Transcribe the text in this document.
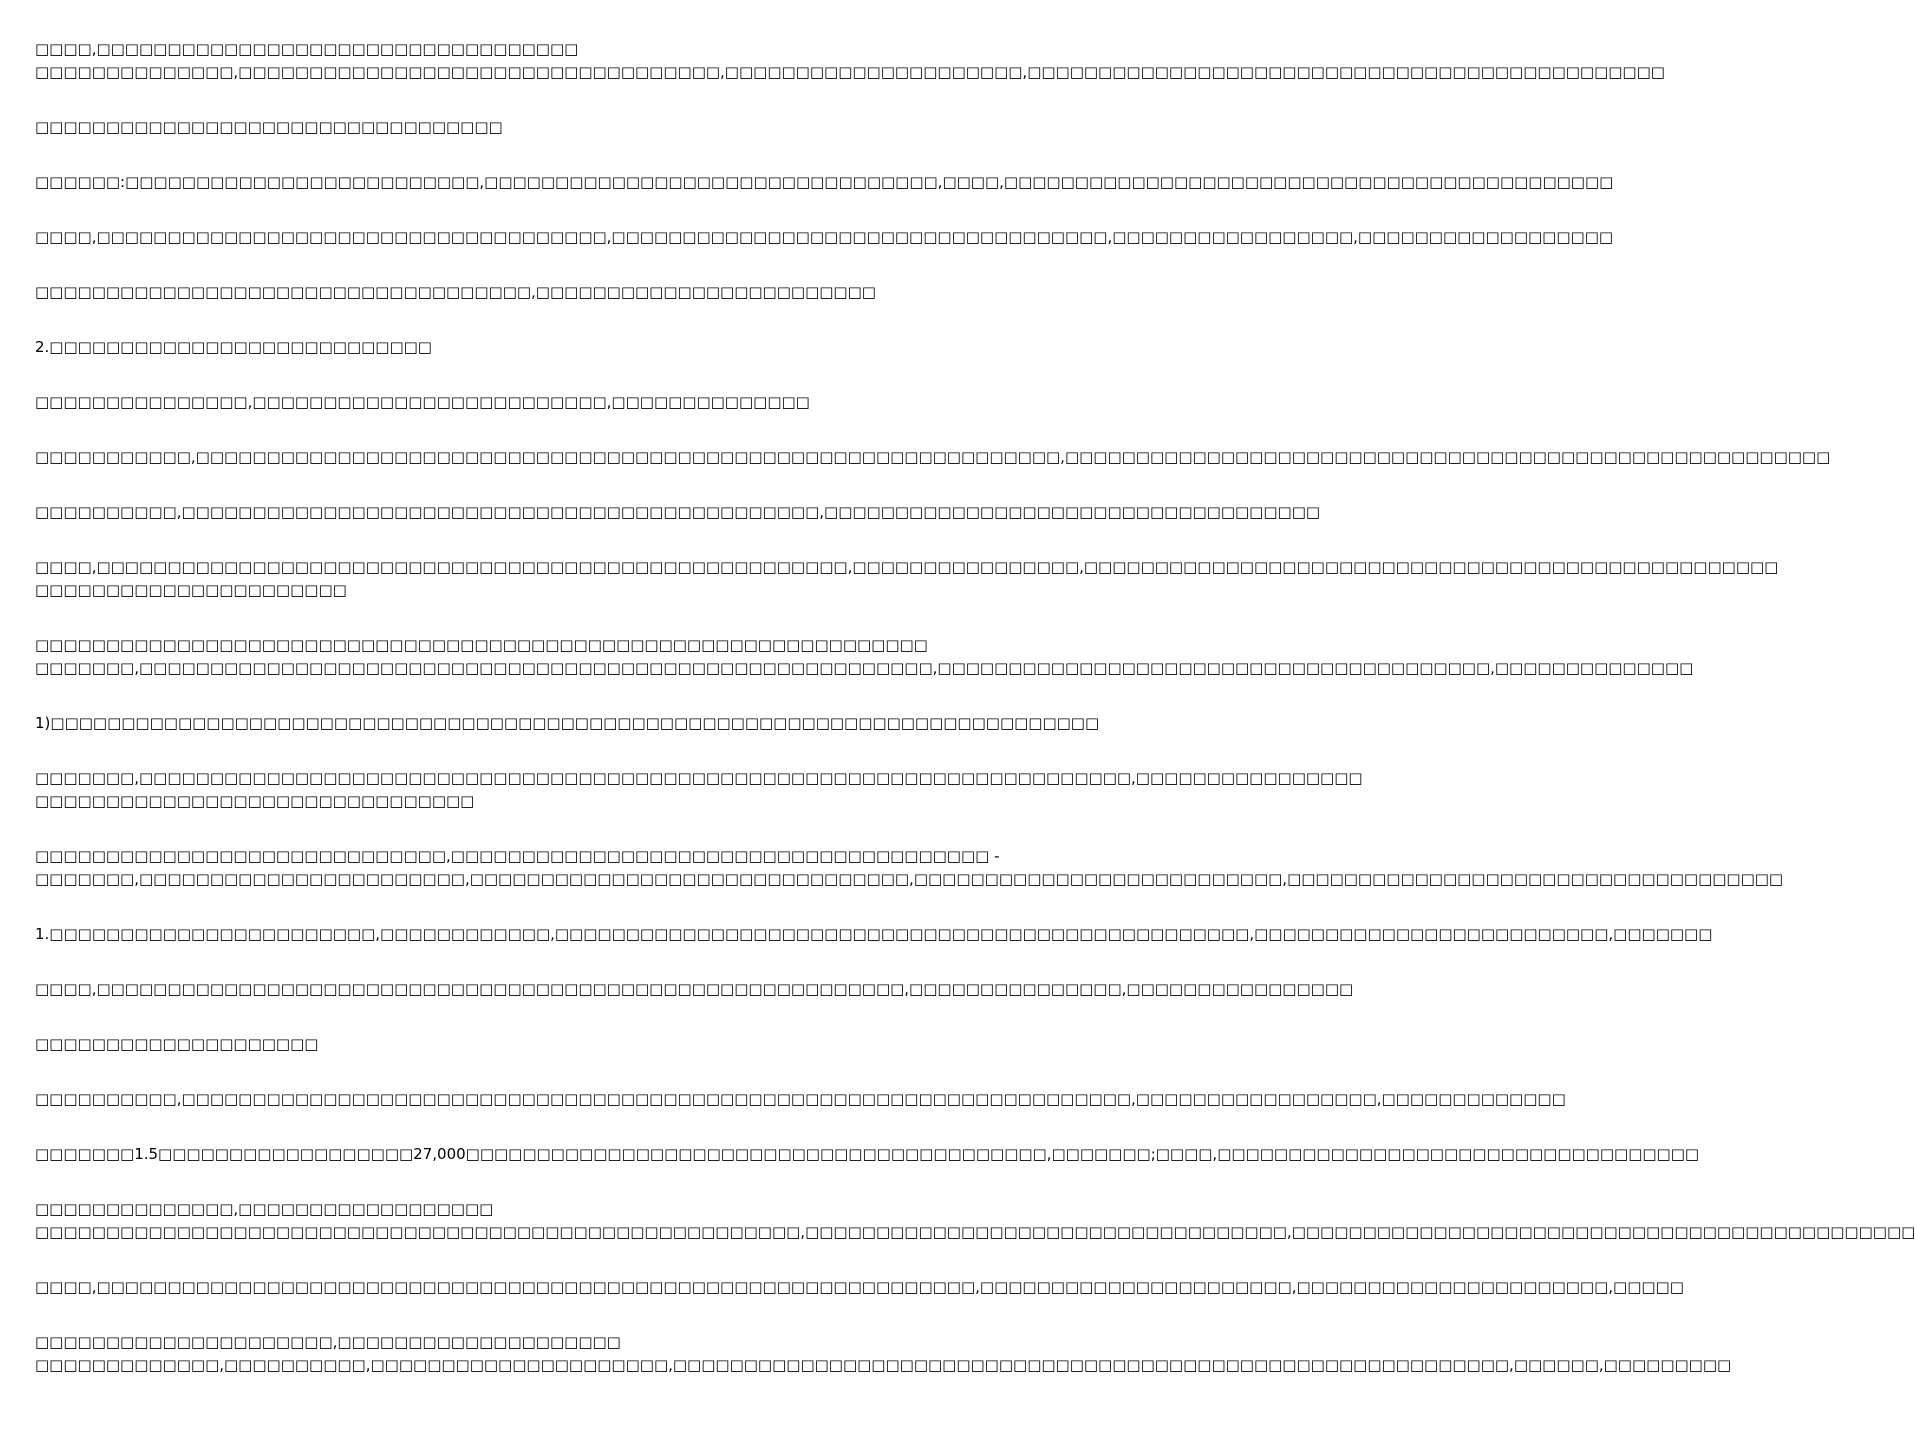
□□□□,□□□□□□□□□□□□□□□□□□□□□□□□□□□□□□□□□□
□□□□□□□□□□□□□□,□□□□□□□□□□□□□□□□□□□□□□□□□□□□□□□□□□,□□□□□□□□□□□□□□□□□□□□□,□□□□□□□□□□□□□□□□□□□□□□□□□□□□□□□□□□□□□□□□□□□□□
□□□□□□□□□□□□□□□□□□□□□□□□□□□□□□□□□
□□□□□□:□□□□□□□□□□□□□□□□□□□□□□□□□,□□□□□□□□□□□□□□□□□□□□□□□□□□□□□□□□,□□□□,□□□□□□□□□□□□□□□□□□□□□□□□□□□□□□□□□□□□□□□□□□□
□□□□,□□□□□□□□□□□□□□□□□□□□□□□□□□□□□□□□□□□□,□□□□□□□□□□□□□□□□□□□□□□□□□□□□□□□□□□□,□□□□□□□□□□□□□□□□□,□□□□□□□□□□□□□□□□□□
□□□□□□□□□□□□□□□□□□□□□□□□□□□□□□□□□□□,□□□□□□□□□□□□□□□□□□□□□□□□
2.□□□□□□□□□□□□□□□□□□□□□□□□□□□
□□□□□□□□□□□□□□□,□□□□□□□□□□□□□□□□□□□□□□□□□,□□□□□□□□□□□□□□
□□□□□□□□□□□,□□□□□□□□□□□□□□□□□□□□□□□□□□□□□□□□□□□□□□□□□□□□□□□□□□□□□□□□□□□□□,□□□□□□□□□□□□□□□□□□□□□□□□□□□□□□□□□□□□□□□□□□□□□□□□□□□□□□
□□□□□□□□□□,□□□□□□□□□□□□□□□□□□□□□□□□□□□□□□□□□□□□□□□□□□□□□,□□□□□□□□□□□□□□□□□□□□□□□□□□□□□□□□□□□
□□□□,□□□□□□□□□□□□□□□□□□□□□□□□□□□□□□□□□□□□□□□□□□□□□□□□□□□□□,□□□□□□□□□□□□□□□□,□□□□□□□□□□□□□□□□□□□□□□□□□□□□□□□□□□□□□□□□□□□□□□□□□
□□□□□□□□□□□□□□□□□□□□□□
□□□□□□□□□□□□□□□□□□□□□□□□□□□□□□□□□□□□□□□□□□□□□□□□□□□□□□□□□□□□□□□
□□□□□□□,□□□□□□□□□□□□□□□□□□□□□□□□□□□□□□□□□□□□□□□□□□□□□□□□□□□□□□□□,□□□□□□□□□□□□□□□□□□□□□□□□□□□□□□□□□□□□□□□,□□□□□□□□□□□□□□
1)□□□□□□□□□□□□□□□□□□□□□□□□□□□□□□□□□□□□□□□□□□□□□□□□□□□□□□□□□□□□□□□□□□□□□□□□□□
□□□□□□□,□□□□□□□□□□□□□□□□□□□□□□□□□□□□□□□□□□□□□□□□□□□□□□□□□□□□□□□□□□□□□□□□□□□□□□,□□□□□□□□□□□□□□□□
□□□□□□□□□□□□□□□□□□□□□□□□□□□□□□□
□□□□□□□□□□□□□□□□□□□□□□□□□□□□□,□□□□□□□□□□□□□□□□□□□□□□□□□□□□□□□□□□□□□□ -
□□□□□□□,□□□□□□□□□□□□□□□□□□□□□□□,□□□□□□□□□□□□□□□□□□□□□□□□□□□□□□□,□□□□□□□□□□□□□□□□□□□□□□□□□□,□□□□□□□□□□□□□□□□□□□□□□□□□□□□□□□□□□□
1.□□□□□□□□□□□□□□□□□□□□□□□,□□□□□□□□□□□□,□□□□□□□□□□□□□□□□□□□□□□□□□□□□□□□□□□□□□□□□□□□□□□□□□,□□□□□□□□□□□□□□□□□□□□□□□□□,□□□□□□□
□□□□,□□□□□□□□□□□□□□□□□□□□□□□□□□□□□□□□□□□□□□□□□□□□□□□□□□□□□□□□□,□□□□□□□□□□□□□□□,□□□□□□□□□□□□□□□□
□□□□□□□□□□□□□□□□□□□□
□□□□□□□□□□,□□□□□□□□□□□□□□□□□□□□□□□□□□□□□□□□□□□□□□□□□□□□□□□□□□□□□□□□□□□□□□□□□□□,□□□□□□□□□□□□□□□□□,□□□□□□□□□□□□□
□□□□□□□1.5□□□□□□□□□□□□□□□□□□27,000□□□□□□□□□□□□□□□□□□□□□□□□□□□□□□□□□□□□□□□□□,□□□□□□□;□□□□,□□□□□□□□□□□□□□□□□□□□□□□□□□□□□□□□□□
□□□□□□□□□□□□□□,□□□□□□□□□□□□□□□□□□
□□□□□□□□□□□□□□□□□□□□□□□□□□□□□□□□□□□□□□□□□□□□□□□□□□□□□□,□□□□□□□□□□□□□□□□□□□□□□□□□□□□□□□□□□,□□□□□□□□□□□□□□□□□□□□□□□□□□□□□□□□□□□□□□□□□□□□
□□□□,□□□□□□□□□□□□□□□□□□□□□□□□□□□□□□□□□□□□□□□□□□□□□□□□□□□□□□□□□□□□□□,□□□□□□□□□□□□□□□□□□□□□□,□□□□□□□□□□□□□□□□□□□□□□,□□□□□
□□□□□□□□□□□□□□□□□□□□□,□□□□□□□□□□□□□□□□□□□□
□□□□□□□□□□□□□,□□□□□□□□□□,□□□□□□□□□□□□□□□□□□□□□,□□□□□□□□□□□□□□□□□□□□□□□□□□□□□□□□□□□□□□□□□□□□□□□□□□□□□□□□□□□,□□□□□□,□□□□□□□□□
